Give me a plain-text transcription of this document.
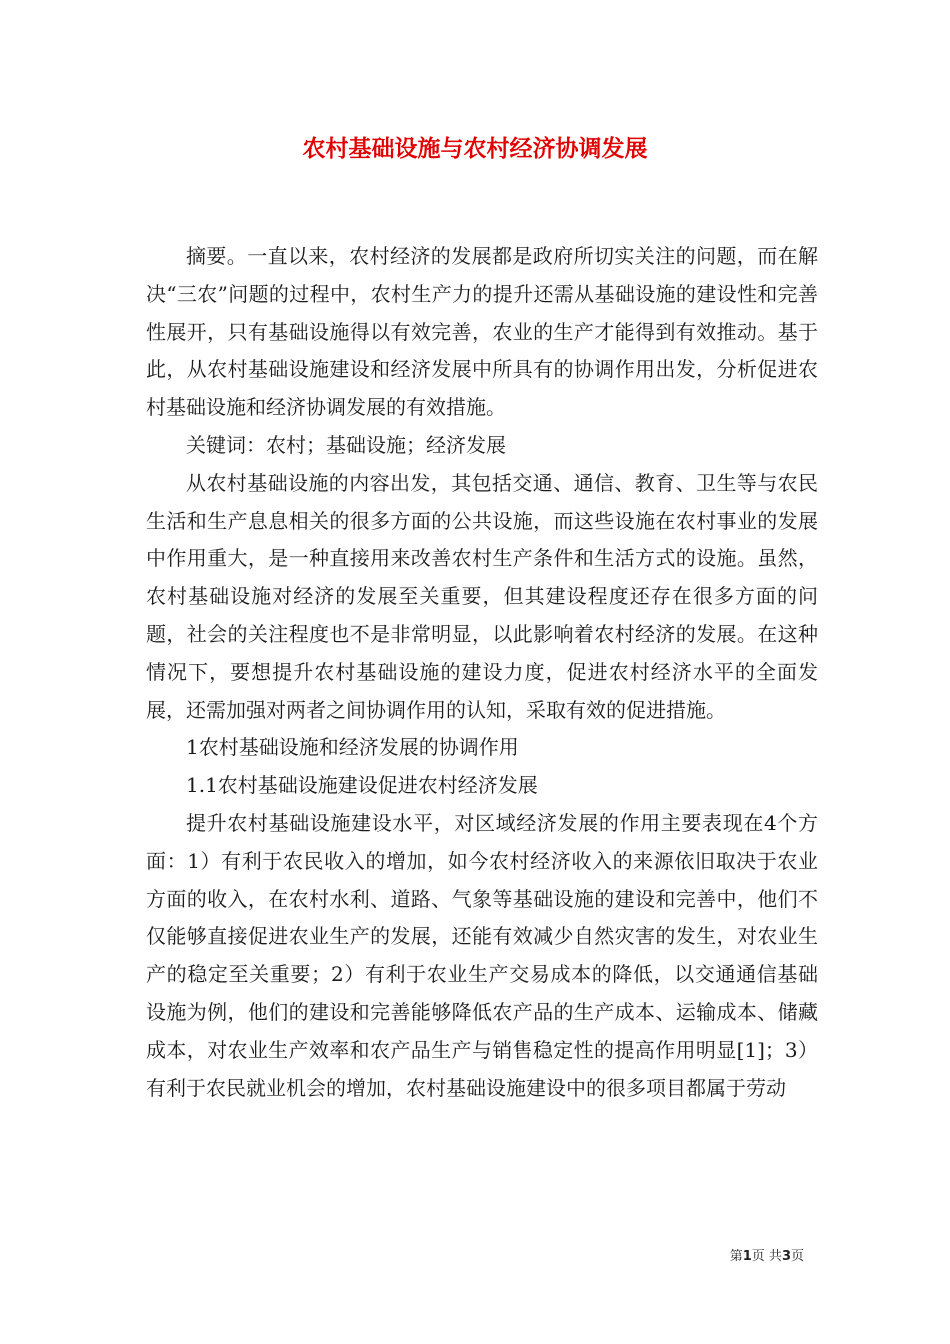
农村基础设施与农村经济协调发展

摘要。一直以来，农村经济的发展都是政府所切实关注的问题，而在解决“三农”问题的过程中，农村生产力的提升还需从基础设施的建设性和完善性展开，只有基础设施得以有效完善，农业的生产才能得到有效推动。基于此，从农村基础设施建设和经济发展中所具有的协调作用出发，分析促进农村基础设施和经济协调发展的有效措施。

关键词：农村；基础设施；经济发展

从农村基础设施的内容出发，其包括交通、通信、教育、卫生等与农民生活和生产息息相关的很多方面的公共设施，而这些设施在农村事业的发展中作用重大，是一种直接用来改善农村生产条件和生活方式的设施。虽然，农村基础设施对经济的发展至关重要，但其建设程度还存在很多方面的问题，社会的关注程度也不是非常明显，以此影响着农村经济的发展。在这种情况下，要想提升农村基础设施的建设力度，促进农村经济水平的全面发展，还需加强对两者之间协调作用的认知，采取有效的促进措施。

1农村基础设施和经济发展的协调作用

1.1农村基础设施建设促进农村经济发展

提升农村基础设施建设水平，对区域经济发展的作用主要表现在4个方面：1）有利于农民收入的增加，如今农村经济收入的来源依旧取决于农业方面的收入，在农村水利、道路、气象等基础设施的建设和完善中，他们不仅能够直接促进农业生产的发展，还能有效减少自然灾害的发生，对农业生产的稳定至关重要；2）有利于农业生产交易成本的降低，以交通通信基础设施为例，他们的建设和完善能够降低农产品的生产成本、运输成本、储藏成本，对农业生产效率和农产品生产与销售稳定性的提高作用明显[1]；3）有利于农民就业机会的增加，农村基础设施建设中的很多项目都属于劳动

第1页 共3页
